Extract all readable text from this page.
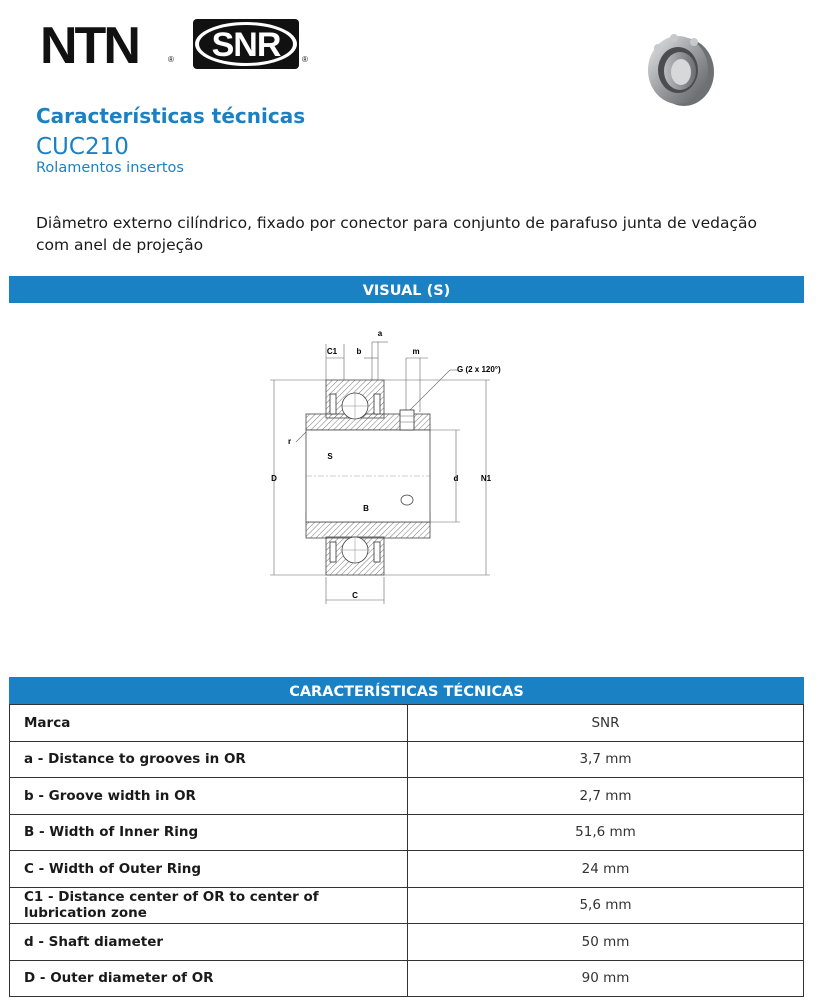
NTN	® SNR	®
Características técnicas
CUC210
Rolamentos insertos
Diâmetro externo cilíndrico, fixado por conector para conjunto de parafuso junta de vedação com anel de projeção
VISUAL (S)
a
C1 b	m
G (2 x 120°)
r
S
D	d	N1
B
C
CARACTERÍSTICAS TÉCNICAS
Marca	SNR
a - Distance to grooves in OR	3,7 mm
b - Groove width in OR	2,7 mm
B - Width of Inner Ring	51,6 mm
C - Width of Outer Ring	24 mm
C1 - Distance center of OR to center of lubrication zone	5,6 mm
d - Shaft diameter	50 mm
D - Outer diameter of OR	90 mm
